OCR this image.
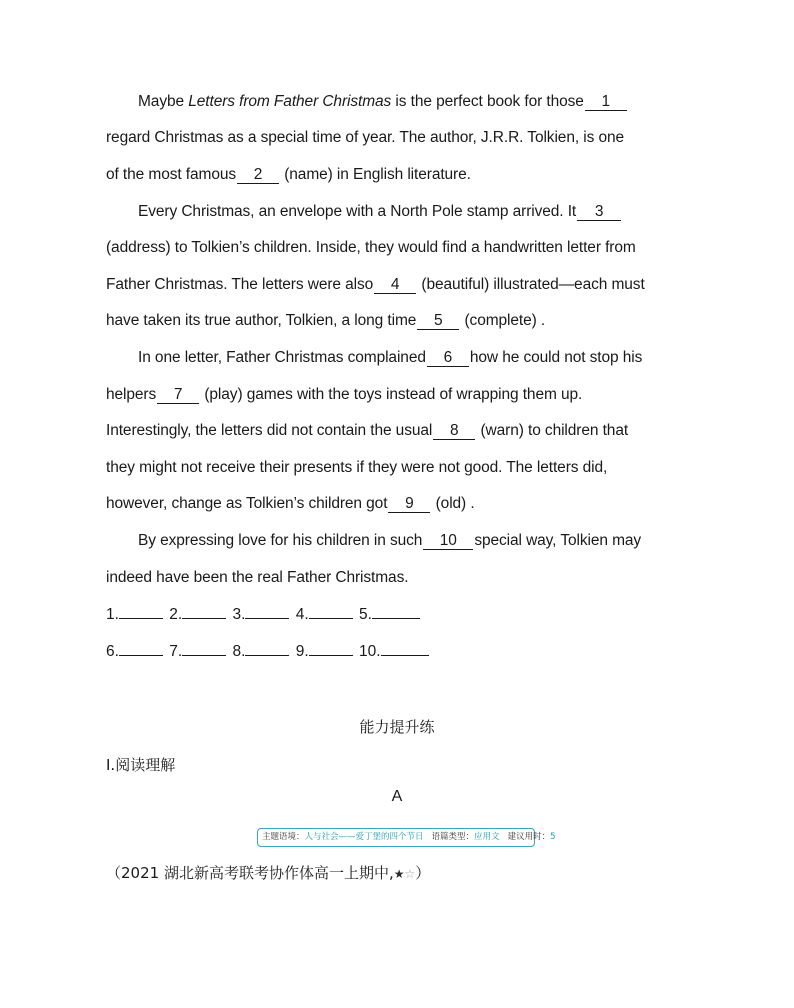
Maybe Letters from Father Christmas is the perfect book for those 1
regard Christmas as a special time of year. The author, J.R.R. Tolkien, is one
of the most famous 2 (name) in English literature.
Every Christmas, an envelope with a North Pole stamp arrived. It 3
(address) to Tolkien’s children. Inside, they would find a handwritten letter from
Father Christmas. The letters were also 4 (beautiful) illustrated—each must
have taken its true author, Tolkien, a long time 5 (complete) .
In one letter, Father Christmas complained 6 how he could not stop his
helpers 7 (play) games with the toys instead of wrapping them up.
Interestingly, the letters did not contain the usual 8 (warn) to children that
they might not receive their presents if they were not good. The letters did,
however, change as Tolkien’s children got 9 (old) .
By expressing love for his children in such 10 special way, Tolkien may
indeed have been the real Father Christmas.
1.	2.	3.	4.	5.
6.	7.	8.	9.	10.
能力提升练
Ⅰ.阅读理解
A
主题语境：人与社会——爱丁堡的四个节日 语篇类型：应用文 建议用时：5
（2021 湖北新高考联考协作体高一上期中,★☆）
